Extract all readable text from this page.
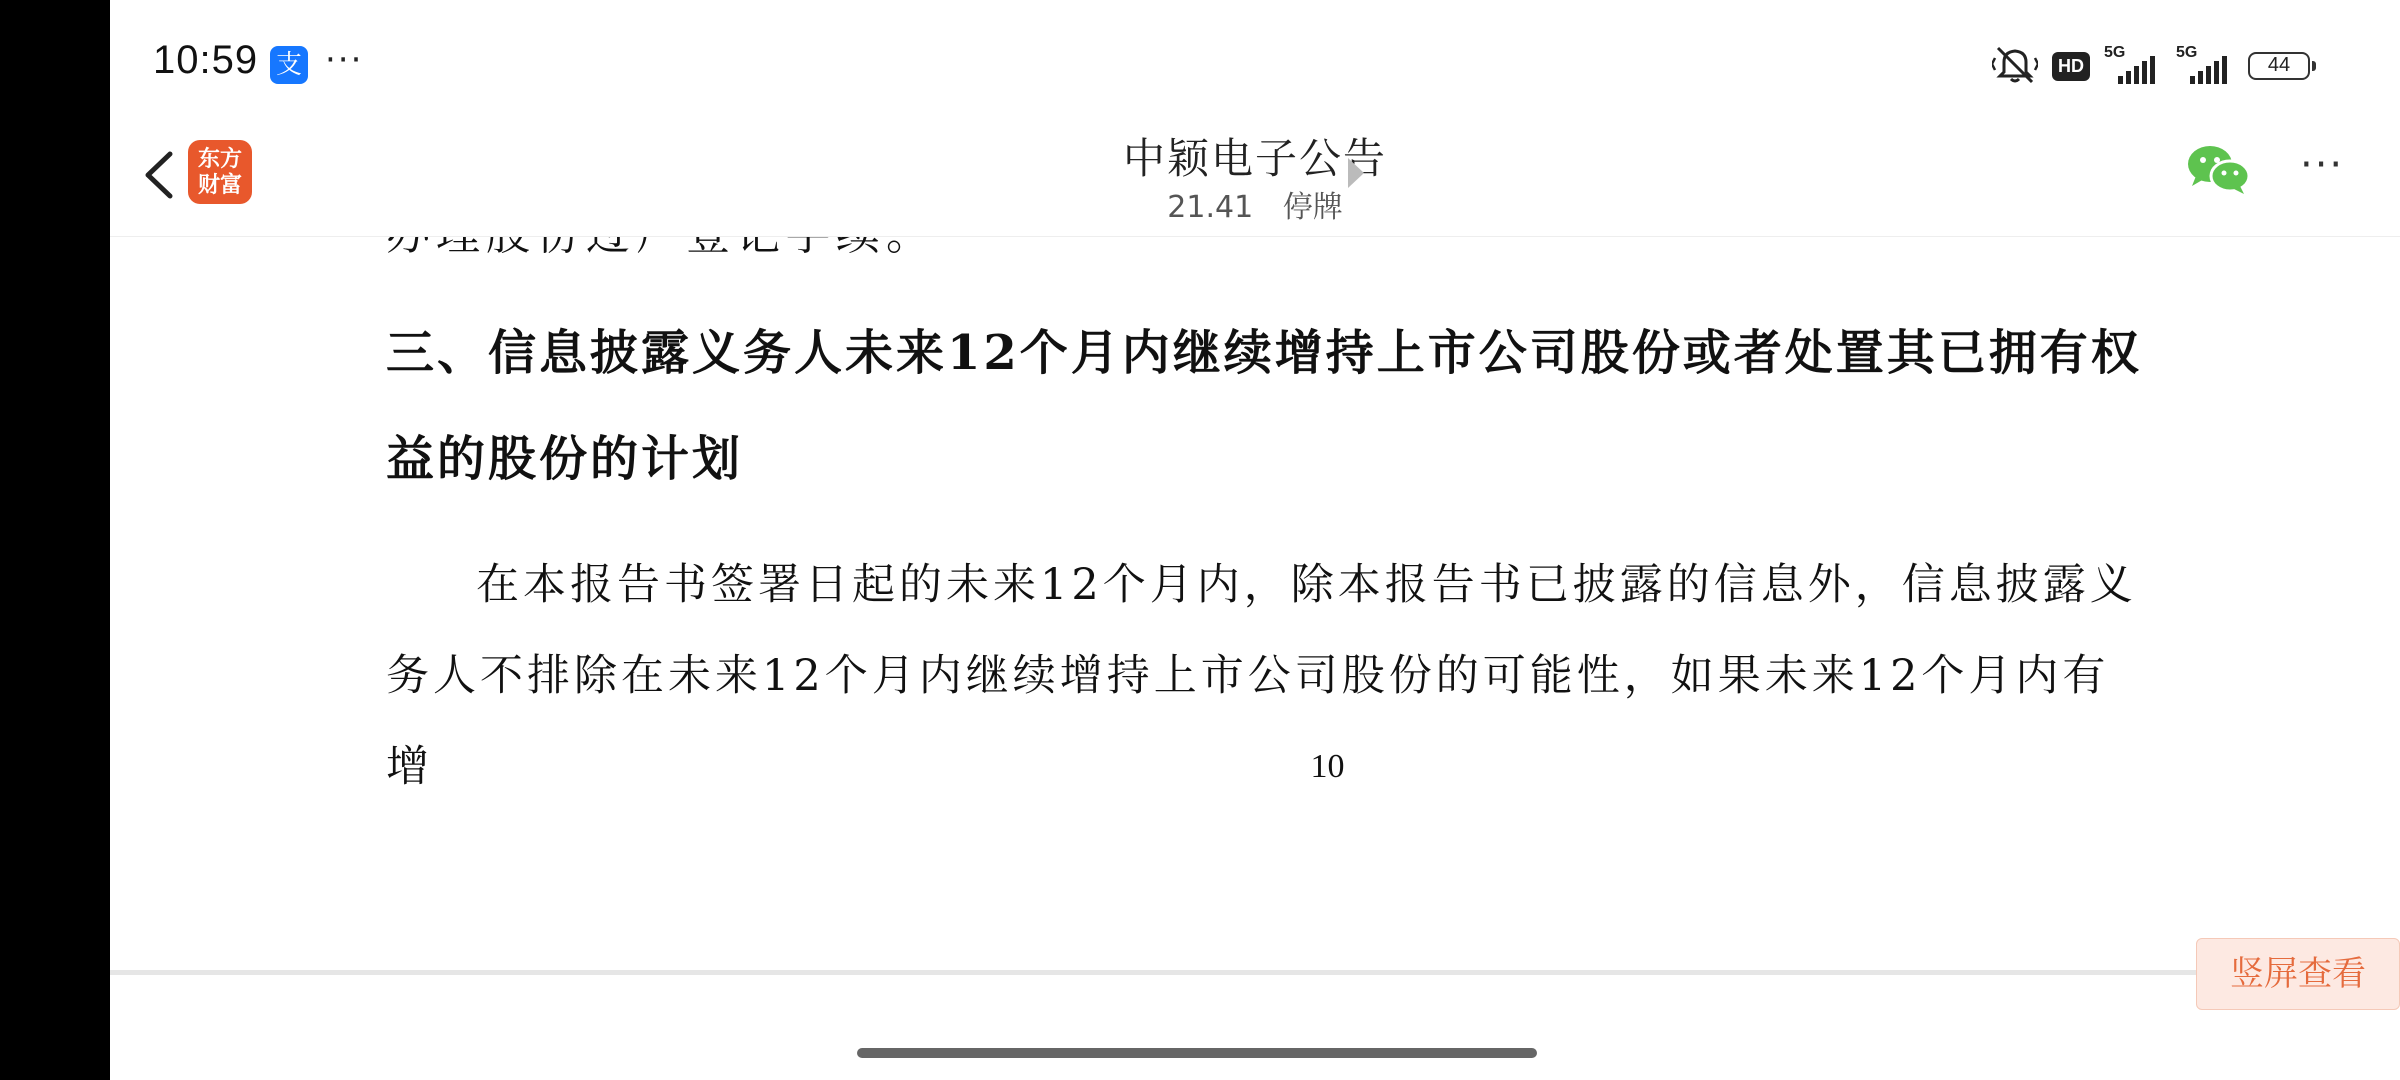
三、信息披露义务人未来12个月内继续增持上市公司股份或者处置其已拥有权益的股份的计划
在本报告书签署日起的未来12个月内，除本报告书已披露的信息外，信息披露义务人不排除在未来12个月内继续增持上市公司股份的可能性，如果未来12个月内有增	10
10:59 支 ···	HD
5G	5G
44
东方
财富
中颖电子公告
21.41 停牌
···
竖屏查看
